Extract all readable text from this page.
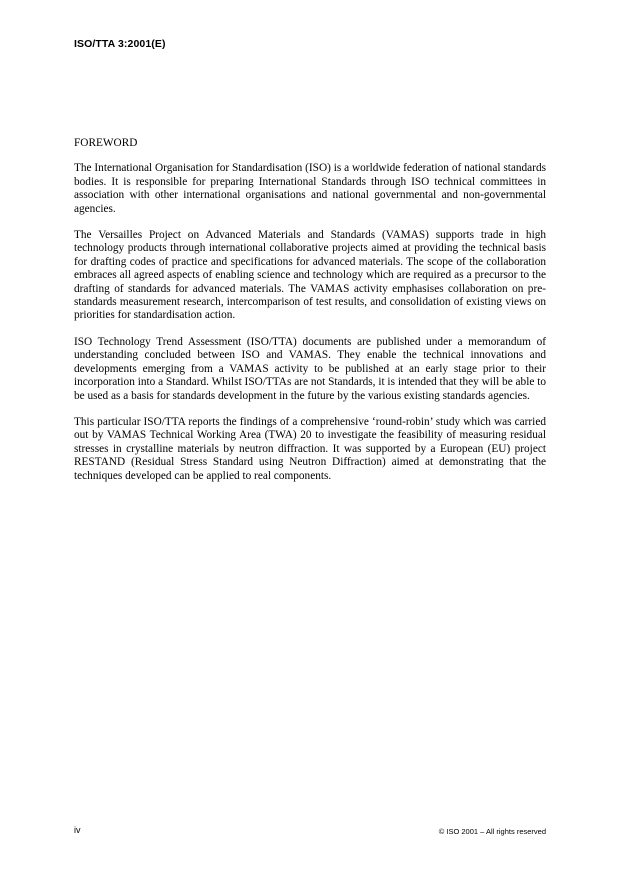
ISO/TTA 3:2001(E)
FOREWORD

The International Organisation for Standardisation (ISO) is a worldwide federation of national standards bodies. It is responsible for preparing International Standards through ISO technical committees in association with other international organisations and national governmental and non-governmental agencies.

The Versailles Project on Advanced Materials and Standards (VAMAS) supports trade in high technology products through international collaborative projects aimed at providing the technical basis for drafting codes of practice and specifications for advanced materials. The scope of the collaboration embraces all agreed aspects of enabling science and technology which are required as a precursor to the drafting of standards for advanced materials. The VAMAS activity emphasises collaboration on pre-standards measurement research, intercomparison of test results, and consolidation of existing views on priorities for standardisation action.

ISO Technology Trend Assessment (ISO/TTA) documents are published under a memorandum of understanding concluded between ISO and VAMAS. They enable the technical innovations and developments emerging from a VAMAS activity to be published at an early stage prior to their incorporation into a Standard. Whilst ISO/TTAs are not Standards, it is intended that they will be able to be used as a basis for standards development in the future by the various existing standards agencies.

This particular ISO/TTA reports the findings of a comprehensive ‘round-robin’ study which was carried out by VAMAS Technical Working Area (TWA) 20 to investigate the feasibility of measuring residual stresses in crystalline materials by neutron diffraction. It was supported by a European (EU) project RESTAND (Residual Stress Standard using Neutron Diffraction) aimed at demonstrating that the techniques developed can be applied to real components.

iv	© ISO 2001 – All rights reserved
